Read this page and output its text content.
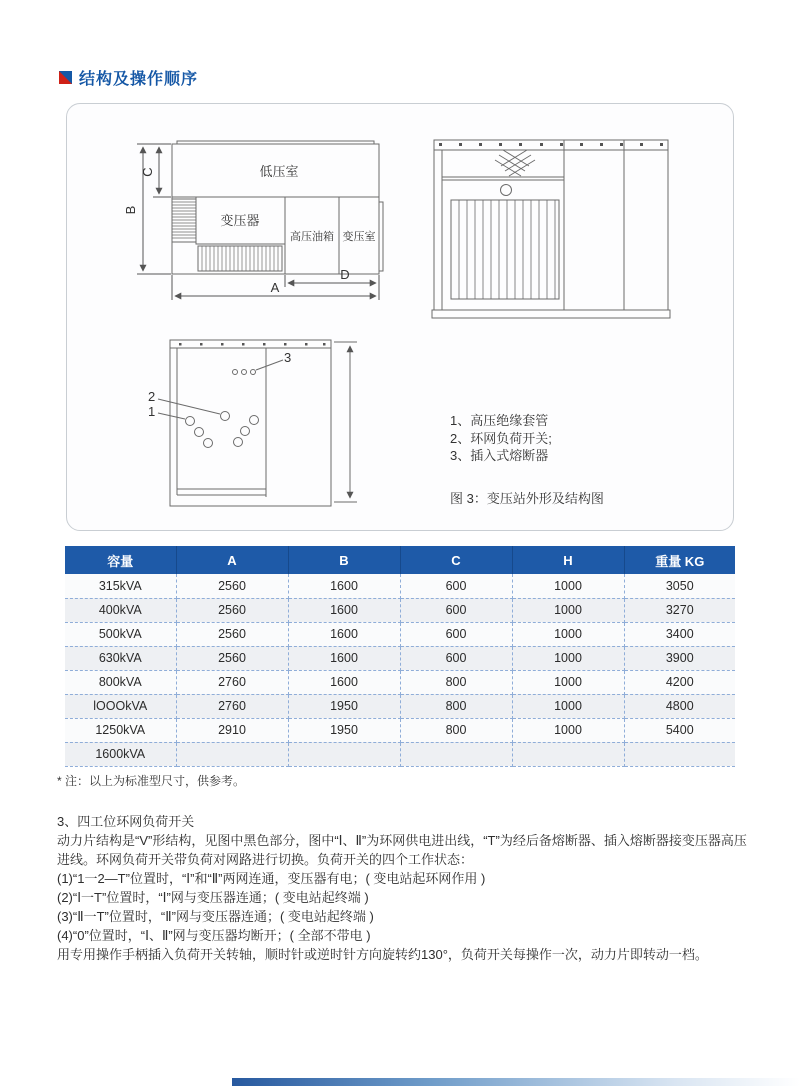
结构及操作顺序
低压室
变压器
高压油箱 变压室
B
C
A
D
3
2
1
1、高压绝缘套管
2、环网负荷开关;
3、插入式熔断器
图 3：变压站外形及结构图
容量	A	B	C	H	重量 KG
315kVA	2560	1600	600	1000	3050
400kVA	2560	1600	600	1000	3270
500kVA	2560	1600	600	1000	3400
630kVA	2560	1600	600	1000	3900
800kVA	2760	1600	800	1000	4200
lOOOkVA	2760	1950	800	1000	4800
1250kVA	2910	1950	800	1000	5400
1600kVA					
* 注：以上为标准型尺寸，供参考。
3、四工位环网负荷开关
动力片结构是“V”形结构，见图中黑色部分，图中“Ⅰ、Ⅱ”为环网供电进出线，“T”为经后备熔断器、插入熔断器接变压器高压进线。环网负荷开关带负荷对网路进行切换。负荷开关的四个工作状态：
(1)“1一2—T”位置时，“Ⅰ”和“Ⅱ”两网连通，变压器有电；( 变电站起环网作用 )
(2)“Ⅰ一T”位置时，“Ⅰ”网与变压器连通；( 变电站起终端 )
(3)“Ⅱ一T”位置时，“Ⅱ”网与变压器连通；( 变电站起终端 )
(4)“0”位置时，“Ⅰ、Ⅱ”网与变压器均断开；( 全部不带电 )
用专用操作手柄插入负荷开关转轴，顺时针或逆时针方向旋转约130°，负荷开关每操作一次，动力片即转动一档。
